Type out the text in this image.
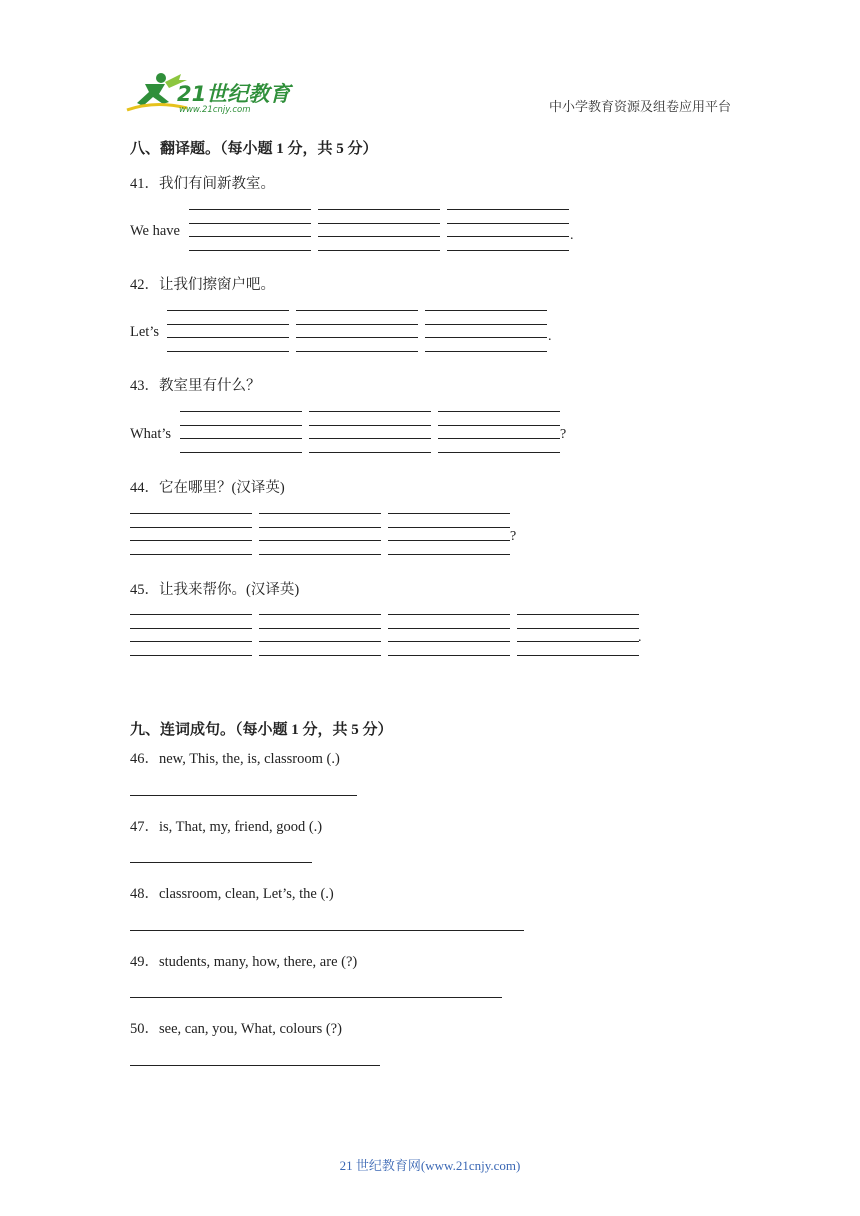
21世纪教育
www.21cnjy.com	中小学教育资源及组卷应用平台
八、翻译题。（每小题 1 分，共 5 分）
41．我们有间新教室。
We have	.
42．让我们擦窗户吧。
Let’s	.
43．教室里有什么？
What’s	?
44．它在哪里？(汉译英)
?
45．让我来帮你。(汉译英)
.
九、连词成句。（每小题 1 分，共 5 分）
46．new, This, the, is, classroom (.)
47．is, That, my, friend, good (.)
48．classroom, clean, Let’s, the (.)
49．students, many, how, there, are (?)
50．see, can, you, What, colours (?)
21 世纪教育网(www.21cnjy.com)
